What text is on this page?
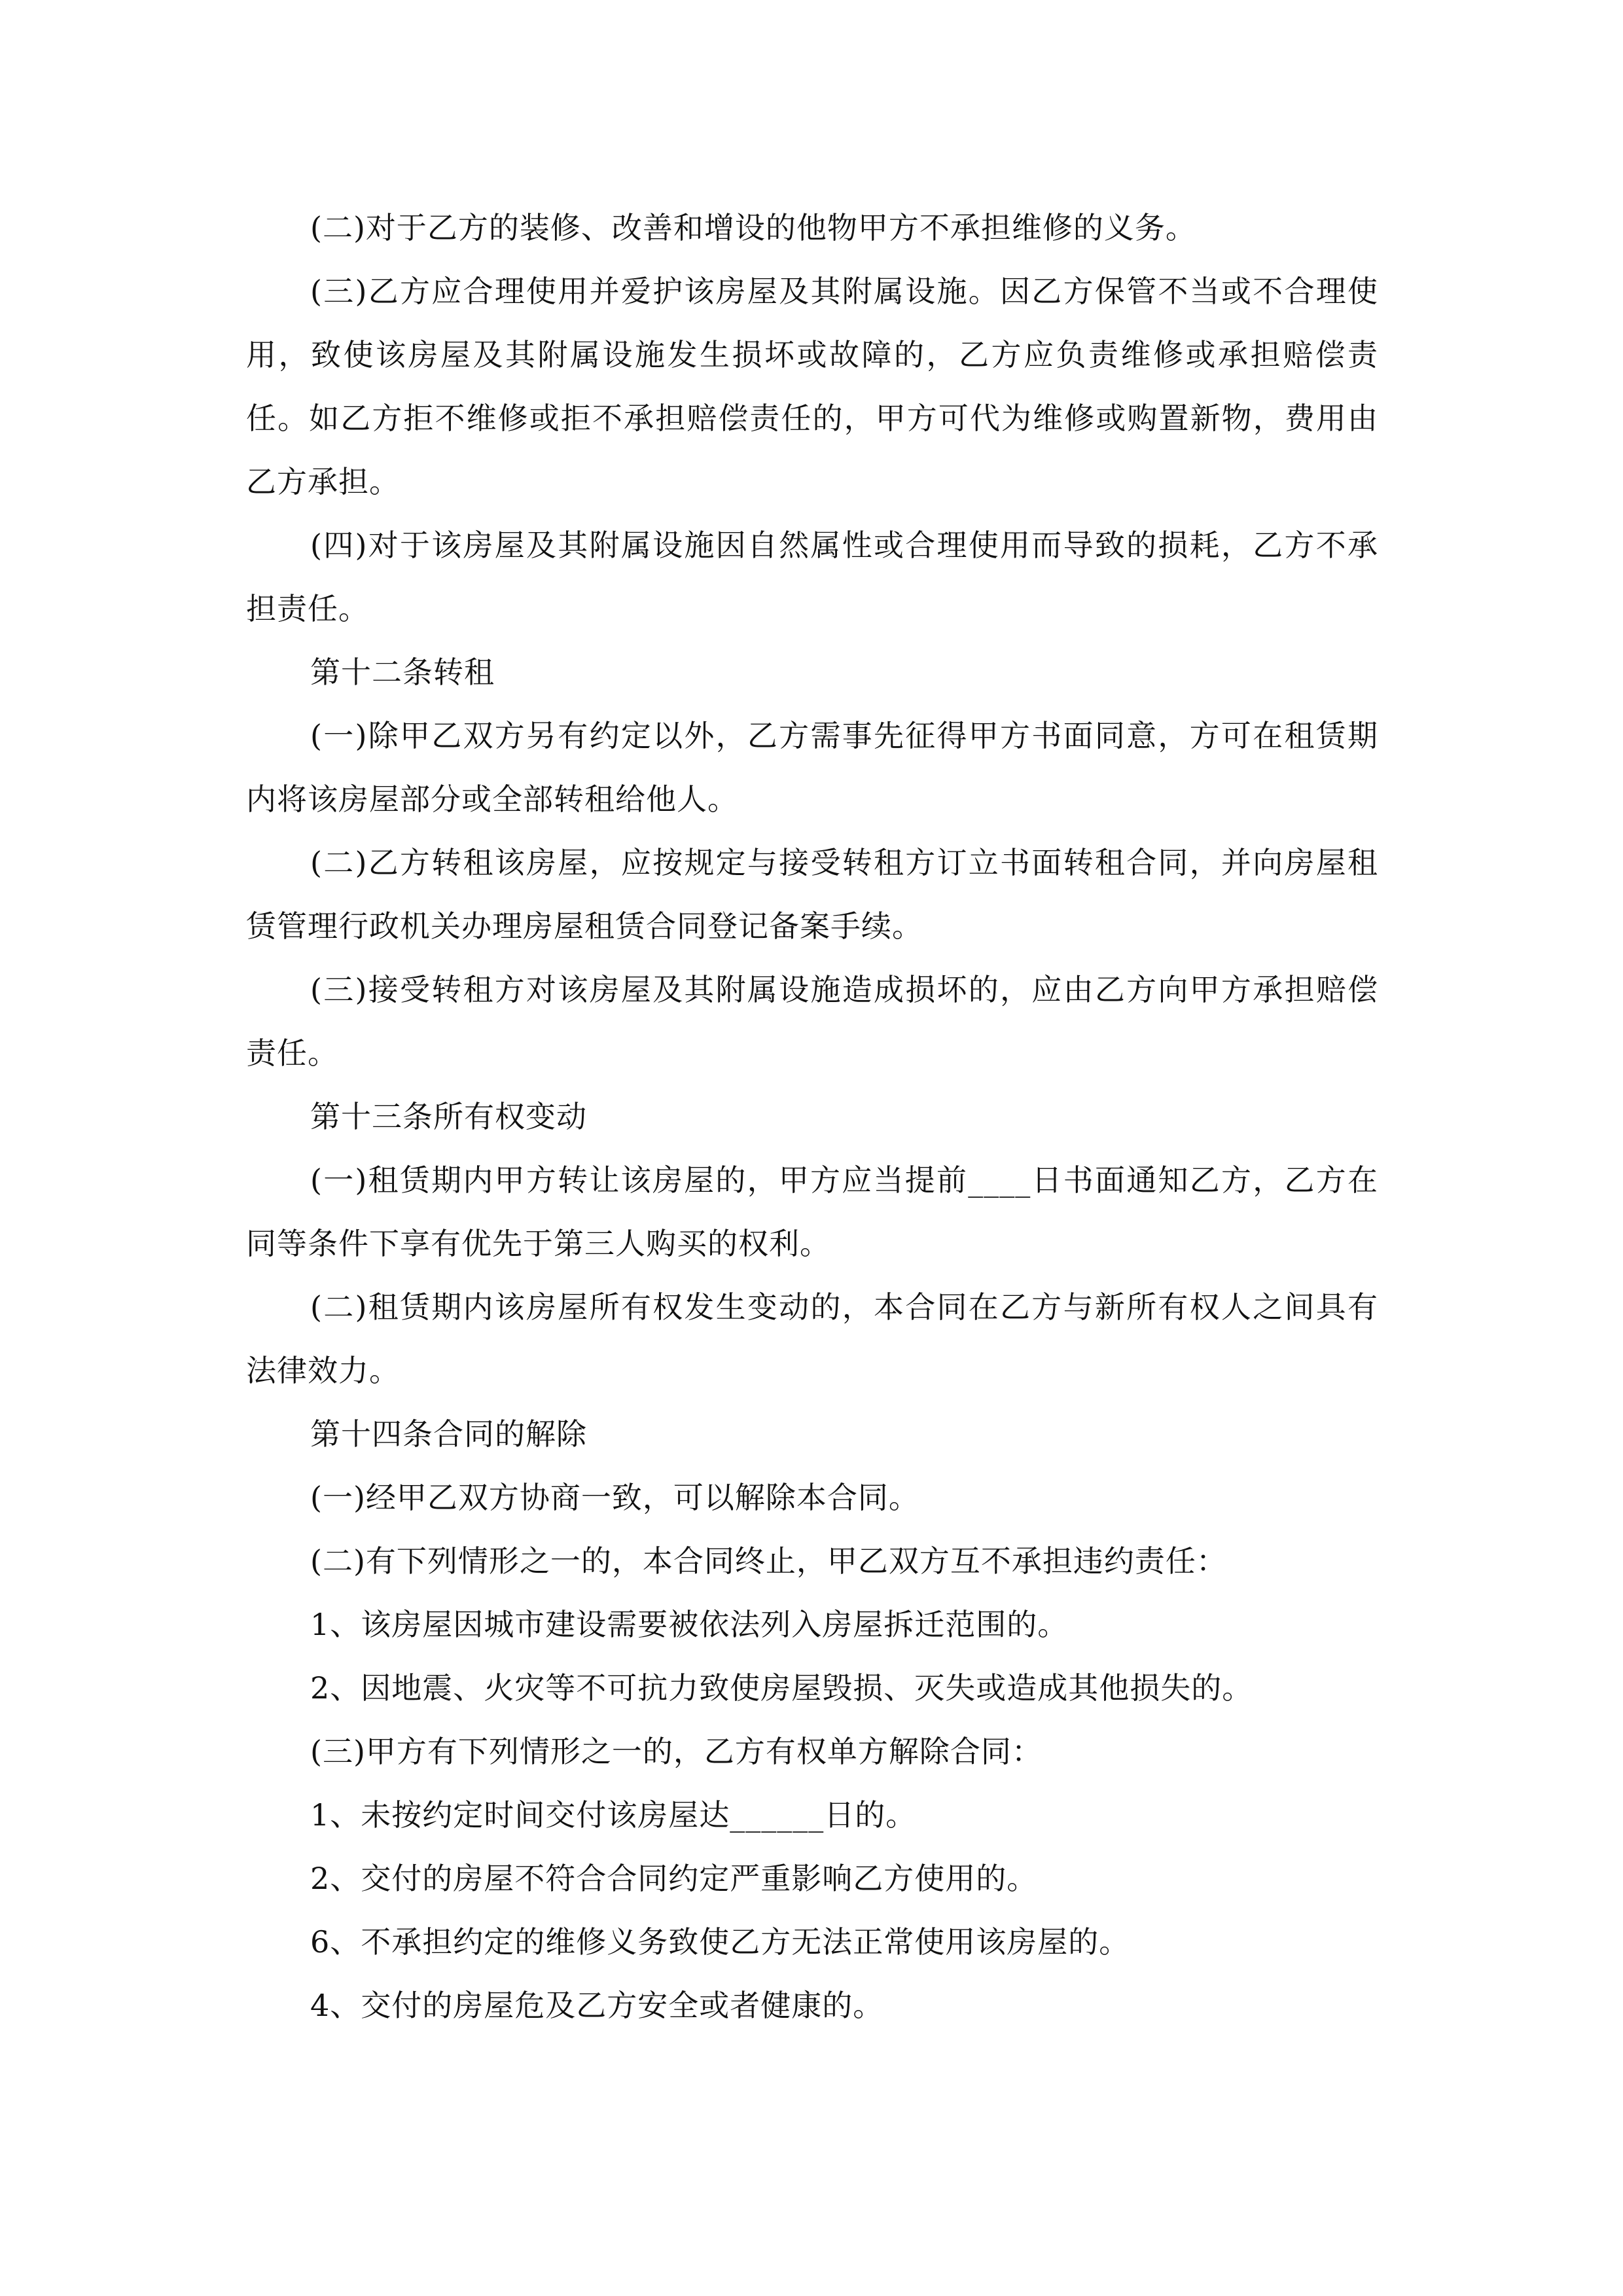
(二)对于乙方的装修、改善和增设的他物甲方不承担维修的义务。

(三)乙方应合理使用并爱护该房屋及其附属设施。因乙方保管不当或不合理使用，致使该房屋及其附属设施发生损坏或故障的，乙方应负责维修或承担赔偿责任。如乙方拒不维修或拒不承担赔偿责任的，甲方可代为维修或购置新物，费用由乙方承担。

(四)对于该房屋及其附属设施因自然属性或合理使用而导致的损耗，乙方不承担责任。

第十二条转租

(一)除甲乙双方另有约定以外，乙方需事先征得甲方书面同意，方可在租赁期内将该房屋部分或全部转租给他人。

(二)乙方转租该房屋，应按规定与接受转租方订立书面转租合同，并向房屋租赁管理行政机关办理房屋租赁合同登记备案手续。

(三)接受转租方对该房屋及其附属设施造成损坏的，应由乙方向甲方承担赔偿责任。

第十三条所有权变动

(一)租赁期内甲方转让该房屋的，甲方应当提前____日书面通知乙方，乙方在同等条件下享有优先于第三人购买的权利。

(二)租赁期内该房屋所有权发生变动的，本合同在乙方与新所有权人之间具有法律效力。

第十四条合同的解除

(一)经甲乙双方协商一致，可以解除本合同。

(二)有下列情形之一的，本合同终止，甲乙双方互不承担违约责任：

1、该房屋因城市建设需要被依法列入房屋拆迁范围的。

2、因地震、火灾等不可抗力致使房屋毁损、灭失或造成其他损失的。

(三)甲方有下列情形之一的，乙方有权单方解除合同：

1、未按约定时间交付该房屋达______日的。

2、交付的房屋不符合合同约定严重影响乙方使用的。

6、不承担约定的维修义务致使乙方无法正常使用该房屋的。

4、交付的房屋危及乙方安全或者健康的。
